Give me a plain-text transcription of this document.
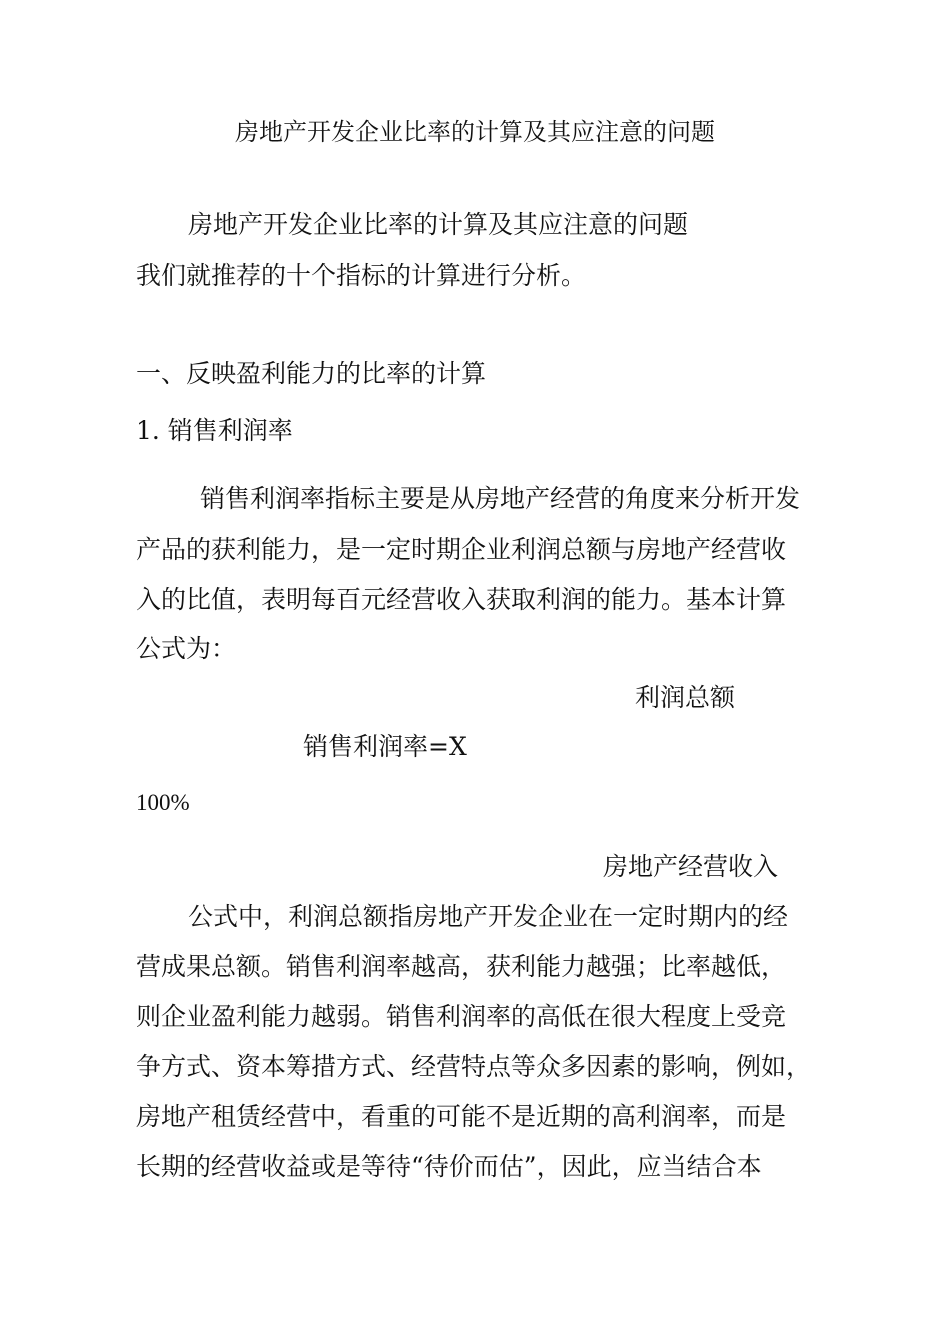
房地产开发企业比率的计算及其应注意的问题
房地产开发企业比率的计算及其应注意的问题
我们就推荐的十个指标的计算进行分析。
一、反映盈利能力的比率的计算
1. 销售利润率
销售利润率指标主要是从房地产经营的角度来分析开发
产品的获利能力，是一定时期企业利润总额与房地产经营收
入的比值，表明每百元经营收入获取利润的能力。基本计算
公式为：
利润总额
销售利润率=X
100%
房地产经营收入
公式中，利润总额指房地产开发企业在一定时期内的经
营成果总额。销售利润率越高，获利能力越强；比率越低，
则企业盈利能力越弱。销售利润率的高低在很大程度上受竞
争方式、资本筹措方式、经营特点等众多因素的影响，例如，
房地产租赁经营中，看重的可能不是近期的高利润率，而是
长期的经营收益或是等待“待价而估”，因此，应当结合本
